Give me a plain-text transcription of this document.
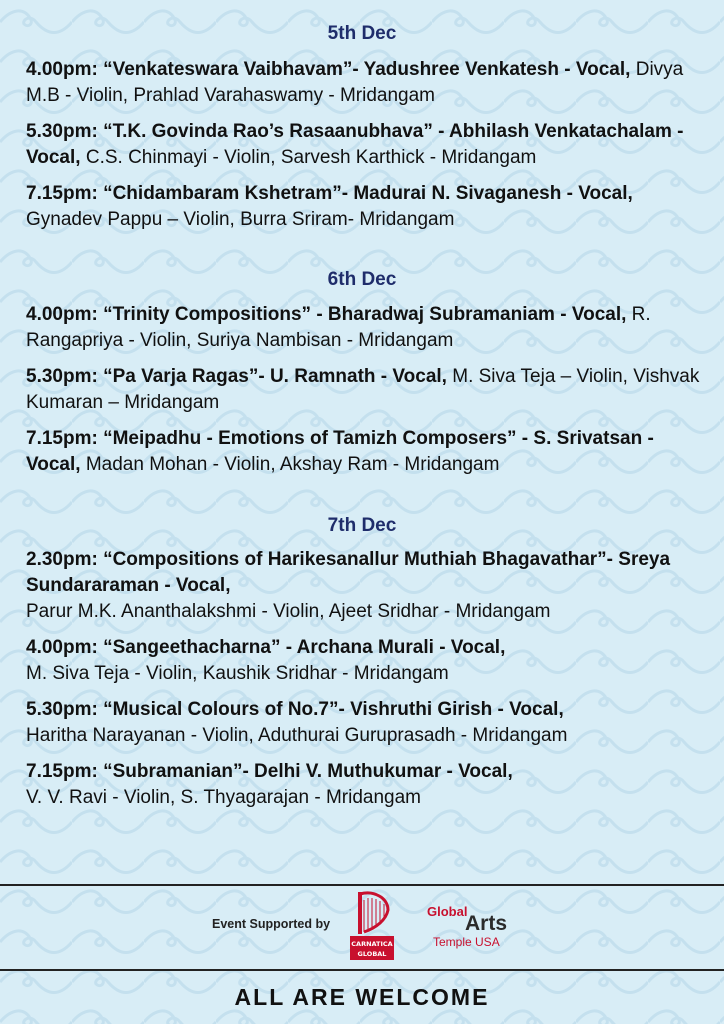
5th Dec

4.00pm: “Venkateswara Vaibhavam”- Yadushree Venkatesh - Vocal, Divya M.B - Violin, Prahlad Varahaswamy - Mridangam

5.30pm: “T.K. Govinda Rao’s Rasaanubhava” - Abhilash Venkatachalam - Vocal, C.S. Chinmayi - Violin, Sarvesh Karthick - Mridangam

7.15pm: “Chidambaram Kshetram”- Madurai N. Sivaganesh - Vocal, Gynadev Pappu – Violin, Burra Sriram- Mridangam

6th Dec

4.00pm: “Trinity Compositions” - Bharadwaj Subramaniam - Vocal, R. Rangapriya - Violin, Suriya Nambisan - Mridangam

5.30pm: “Pa Varja Ragas”- U. Ramnath - Vocal, M. Siva Teja – Violin, Vishvak Kumaran – Mridangam

7.15pm: “Meipadhu - Emotions of Tamizh Composers” - S. Srivatsan - Vocal, Madan Mohan - Violin, Akshay Ram - Mridangam

7th Dec

2.30pm: “Compositions of Harikesanallur Muthiah Bhagavathar”- Sreya Sundararaman - Vocal,
Parur M.K. Ananthalakshmi - Violin, Ajeet Sridhar - Mridangam

4.00pm: “Sangeethacharna” - Archana Murali - Vocal,
M. Siva Teja - Violin, Kaushik Sridhar - Mridangam

5.30pm: “Musical Colours of No.7”- Vishruthi Girish - Vocal,
Haritha Narayanan - Violin, Aduthurai Guruprasadh - Mridangam

7.15pm: “Subramanian”- Delhi V. Muthukumar - Vocal,
V. V. Ravi - Violin, S. Thyagarajan - Mridangam

Event Supported by
CARNATICA
GLOBAL
Global
Arts
Temple USA
ALL ARE WELCOME
